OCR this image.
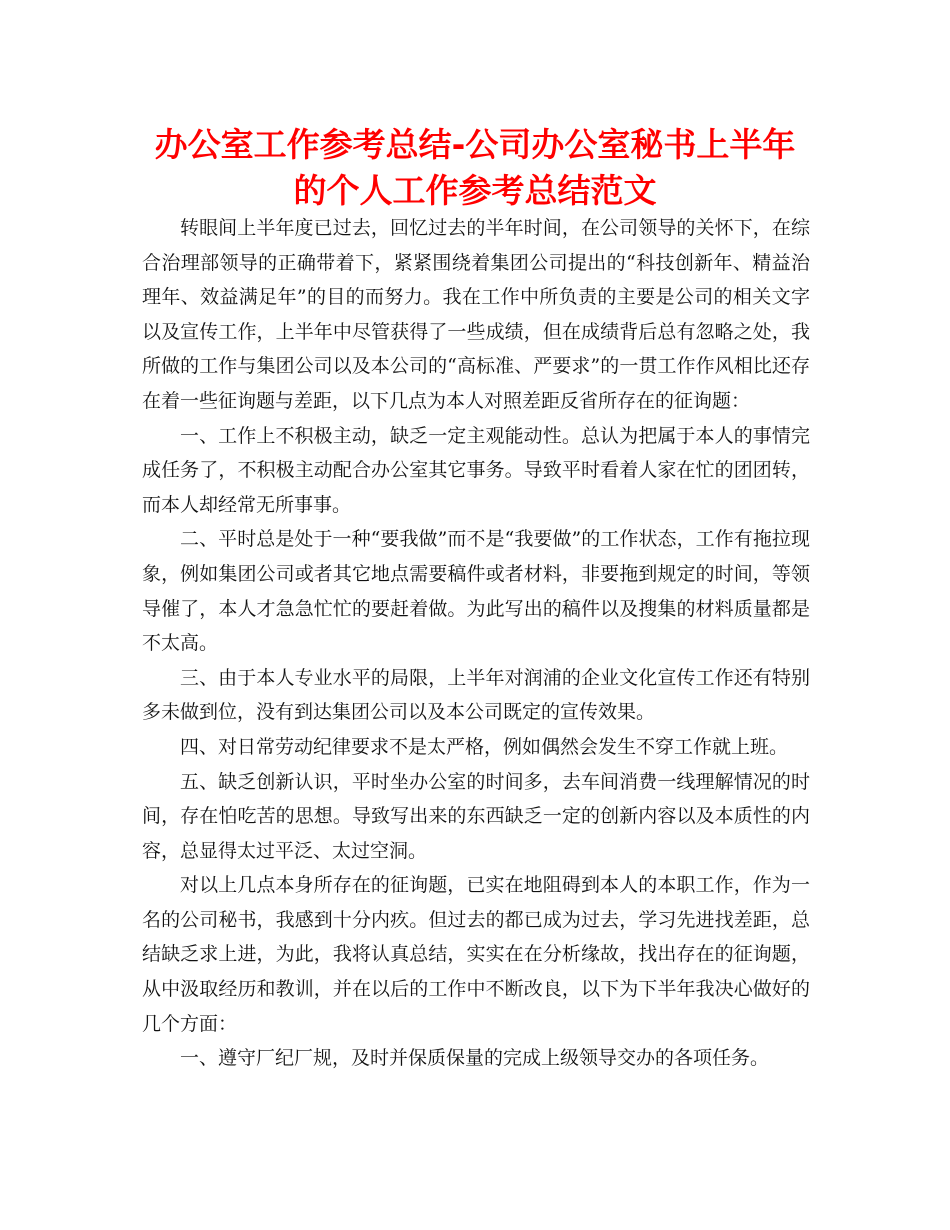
办公室工作参考总结-公司办公室秘书上半年的个人工作参考总结范文

转眼间上半年度已过去，回忆过去的半年时间，在公司领导的关怀下，在综合治理部领导的正确带着下，紧紧围绕着集团公司提出的“科技创新年、精益治理年、效益满足年”的目的而努力。我在工作中所负责的主要是公司的相关文字以及宣传工作，上半年中尽管获得了一些成绩，但在成绩背后总有忽略之处，我所做的工作与集团公司以及本公司的“高标准、严要求”的一贯工作作风相比还存在着一些征询题与差距，以下几点为本人对照差距反省所存在的征询题：

一、工作上不积极主动，缺乏一定主观能动性。总认为把属于本人的事情完成任务了，不积极主动配合办公室其它事务。导致平时看着人家在忙的团团转，而本人却经常无所事事。

二、平时总是处于一种“要我做”而不是“我要做”的工作状态，工作有拖拉现象，例如集团公司或者其它地点需要稿件或者材料，非要拖到规定的时间，等领导催了，本人才急急忙忙的要赶着做。为此写出的稿件以及搜集的材料质量都是不太高。

三、由于本人专业水平的局限，上半年对润浦的企业文化宣传工作还有特别多未做到位，没有到达集团公司以及本公司既定的宣传效果。

四、对日常劳动纪律要求不是太严格，例如偶然会发生不穿工作就上班。

五、缺乏创新认识，平时坐办公室的时间多，去车间消费一线理解情况的时间，存在怕吃苦的思想。导致写出来的东西缺乏一定的创新内容以及本质性的内容，总显得太过平泛、太过空洞。

对以上几点本身所存在的征询题，已实在地阻碍到本人的本职工作，作为一名的公司秘书，我感到十分内疚。但过去的都已成为过去，学习先进找差距，总结缺乏求上进，为此，我将认真总结，实实在在分析缘故，找出存在的征询题，从中汲取经历和教训，并在以后的工作中不断改良，以下为下半年我决心做好的几个方面：

一、遵守厂纪厂规，及时并保质保量的完成上级领导交办的各项任务。
